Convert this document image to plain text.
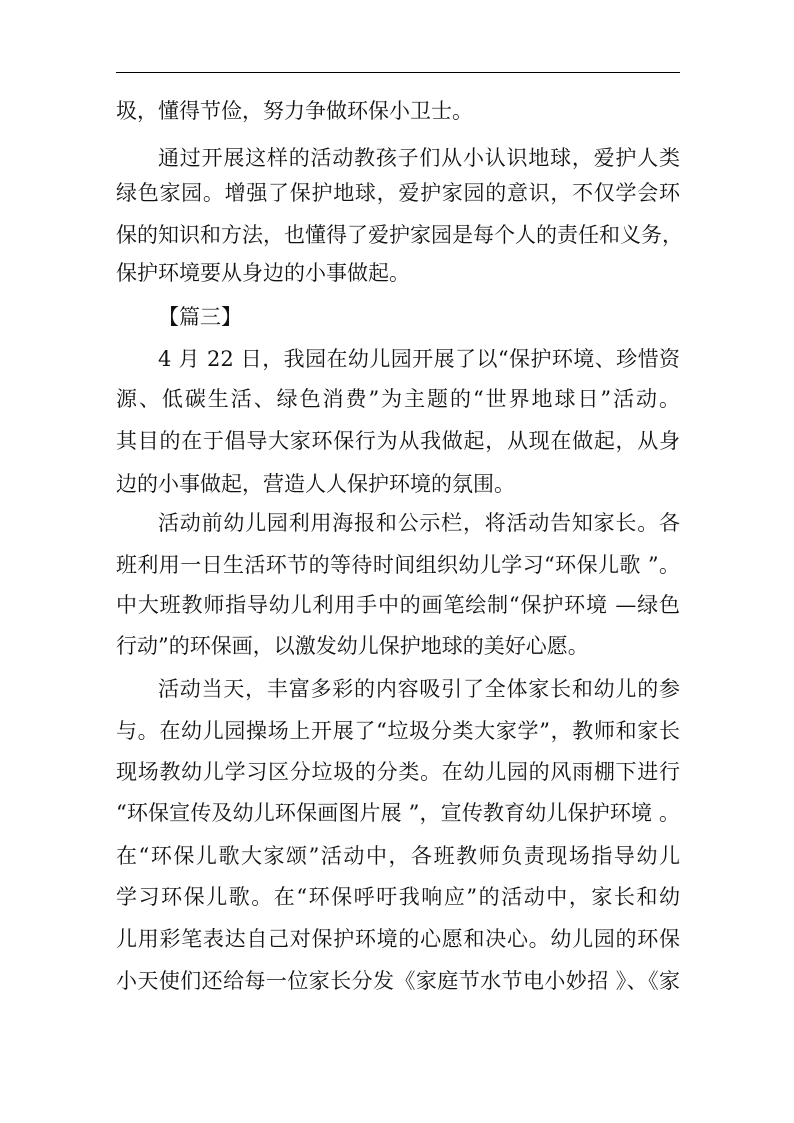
圾，懂得节俭，努力争做环保小卫士。
通过开展这样的活动教孩子们从小认识地球，爱护人类
绿色家园。增强了保护地球，爱护家园的意识，不仅学会环
保的知识和方法，也懂得了爱护家园是每个人的责任和义务，
保护环境要从身边的小事做起。
【篇三】
4 月 22 日，我园在幼儿园开展了以“保护环境、珍惜资
源、低碳生活、绿色消费”为主题的“世界地球日”活动。
其目的在于倡导大家环保行为从我做起，从现在做起，从身
边的小事做起，营造人人保护环境的氛围。
活动前幼儿园利用海报和公示栏，将活动告知家长。各
班利用一日生活环节的等待时间组织幼儿学习“环保儿歌 ”。
中大班教师指导幼儿利用手中的画笔绘制“保护环境 —绿色
行动”的环保画，以激发幼儿保护地球的美好心愿。
活动当天，丰富多彩的内容吸引了全体家长和幼儿的参
与。在幼儿园操场上开展了“垃圾分类大家学”，教师和家长
现场教幼儿学习区分垃圾的分类。在幼儿园的风雨棚下进行
“环保宣传及幼儿环保画图片展 ”，宣传教育幼儿保护环境 。
在“环保儿歌大家颂”活动中，各班教师负责现场指导幼儿
学习环保儿歌。在“环保呼吁我响应”的活动中，家长和幼
儿用彩笔表达自己对保护环境的心愿和决心。幼儿园的环保
小天使们还给每一位家长分发《家庭节水节电小妙招 》、《家
